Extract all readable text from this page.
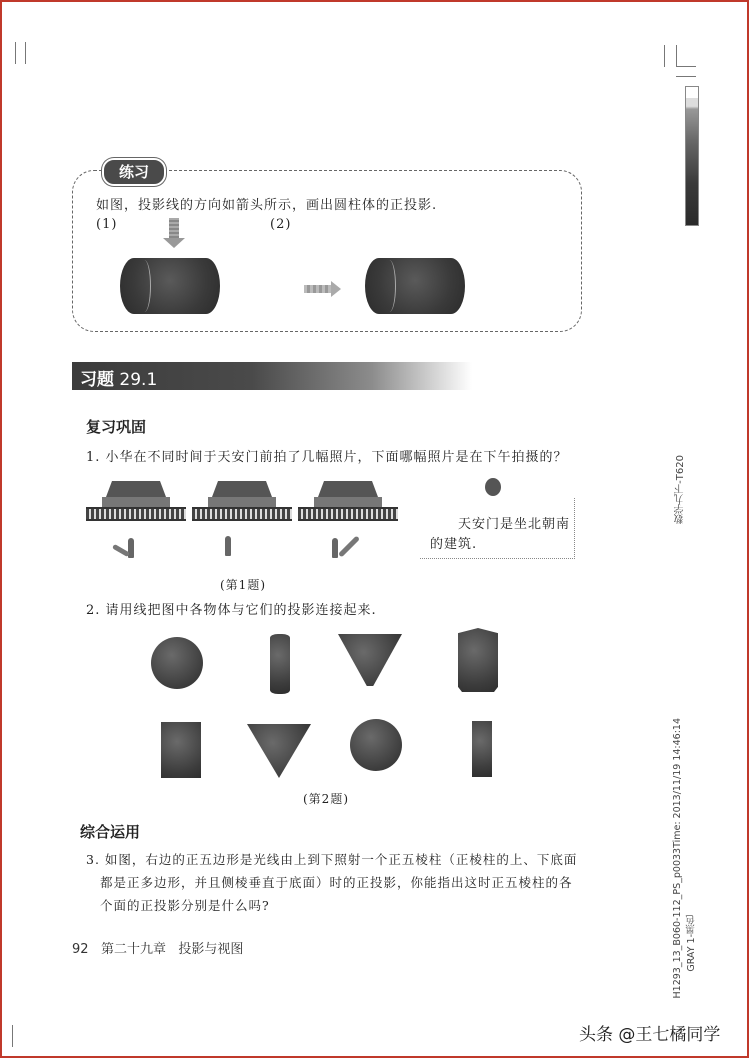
练习
如图，投影线的方向如箭头所示，画出圆柱体的正投影.
(1)	(2)
习题 29.1
复习巩固
1. 小华在不同时间于天安门前拍了几幅照片，下面哪幅照片是在下午拍摄的？
天安门是坐北朝南
的建筑.
(第1题)
2. 请用线把图中各物体与它们的投影连接起来.
(第2题)
综合运用
3. 如图，右边的正五边形是光线由上到下照射一个正五棱柱（正棱柱的上、下底面
都是正多边形，并且侧棱垂直于底面）时的正投影，你能指出这时正五棱柱的各
个面的正投影分别是什么吗?
92 第二十九章 投影与视图
数学九下-T620
H1293_13_B060-112_PS_p0033Time: 2013/11/19 14:46:14 GRAY 1-黑色
头条 @王七橘同学
